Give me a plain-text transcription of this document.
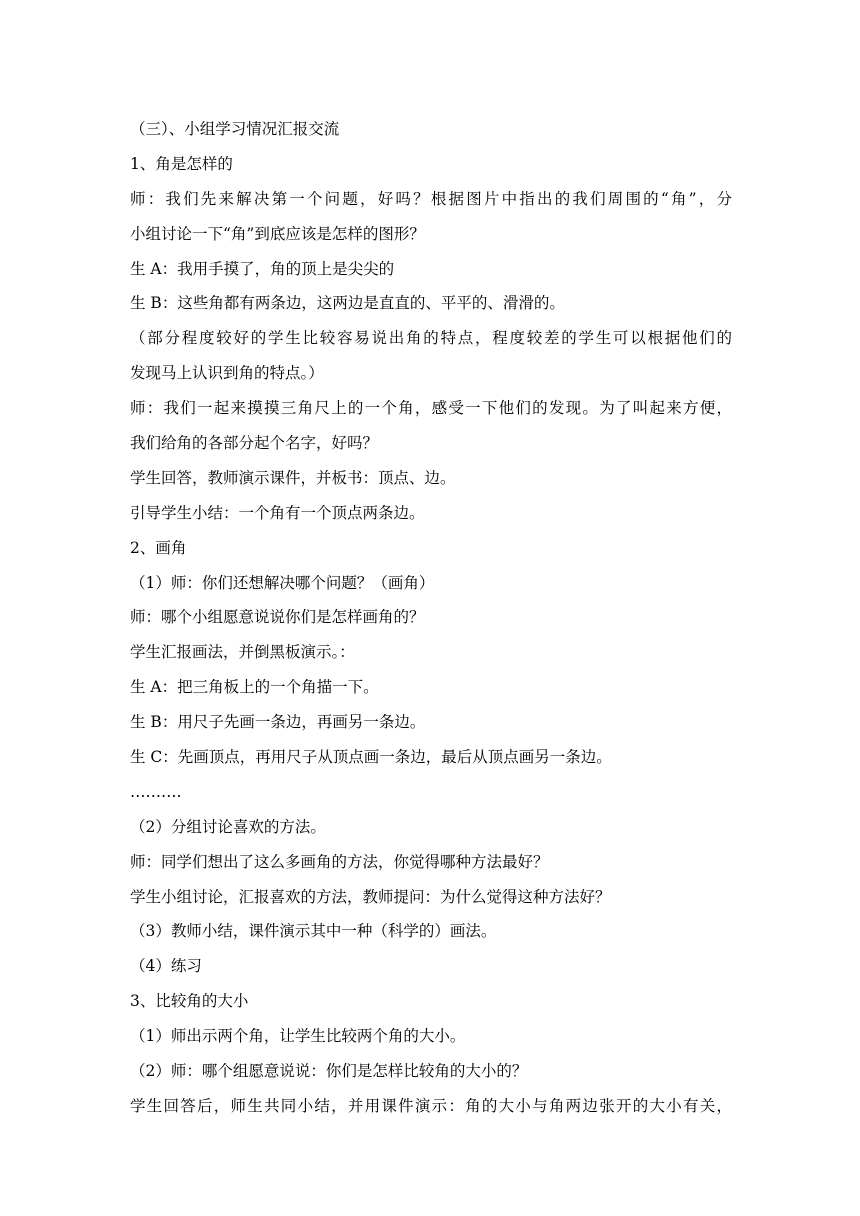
（三）、小组学习情况汇报交流
1、角是怎样的
师：我们先来解决第一个问题，好吗？根据图片中指出的我们周围的“角”，分
小组讨论一下“角”到底应该是怎样的图形？
生 A：我用手摸了，角的顶上是尖尖的
生 B：这些角都有两条边，这两边是直直的、平平的、滑滑的。
（部分程度较好的学生比较容易说出角的特点，程度较差的学生可以根据他们的
发现马上认识到角的特点。）
师：我们一起来摸摸三角尺上的一个角，感受一下他们的发现。为了叫起来方便，
我们给角的各部分起个名字，好吗？
学生回答，教师演示课件，并板书：顶点、边。
引导学生小结：一个角有一个顶点两条边。
2、画角
（1）师：你们还想解决哪个问题？（画角）
师：哪个小组愿意说说你们是怎样画角的？
学生汇报画法，并倒黑板演示。：
生 A：把三角板上的一个角描一下。
生 B：用尺子先画一条边，再画另一条边。
生 C：先画顶点，再用尺子从顶点画一条边，最后从顶点画另一条边。
……….
（2）分组讨论喜欢的方法。
师：同学们想出了这么多画角的方法，你觉得哪种方法最好？
学生小组讨论，汇报喜欢的方法，教师提问：为什么觉得这种方法好？
（3）教师小结，课件演示其中一种（科学的）画法。
（4）练习
3、比较角的大小
（1）师出示两个角，让学生比较两个角的大小。
（2）师：哪个组愿意说说：你们是怎样比较角的大小的？
学生回答后，师生共同小结，并用课件演示：角的大小与角两边张开的大小有关，
